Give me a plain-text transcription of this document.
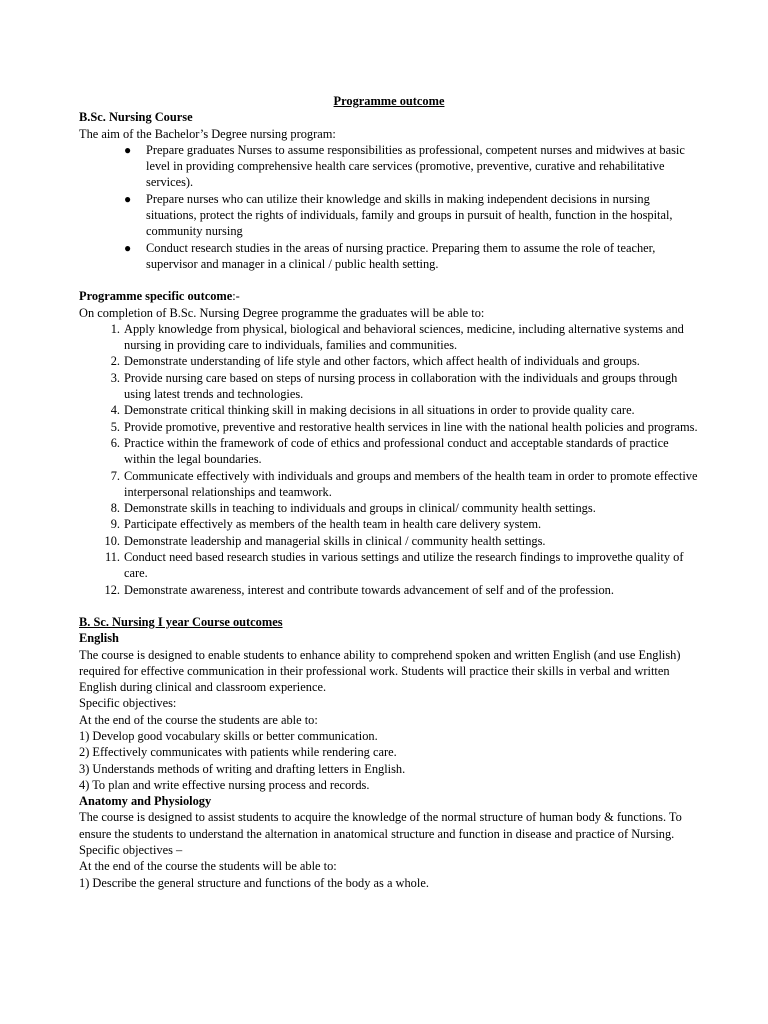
Programme outcome

B.Sc. Nursing Course

The aim of the Bachelor’s Degree nursing program:

● Prepare graduates Nurses to assume responsibilities as professional, competent nurses and midwives at basic level in providing comprehensive health care services (promotive, preventive, curative and rehabilitative services).
● Prepare nurses who can utilize their knowledge and skills in making independent decisions in nursing situations, protect the rights of individuals, family and groups in pursuit of health, function in the hospital, community nursing
● Conduct research studies in the areas of nursing practice. Preparing them to assume the role of teacher, supervisor and manager in a clinical / public health setting.

Programme specific outcome:-

On completion of B.Sc. Nursing Degree programme the graduates will be able to:

1. Apply knowledge from physical, biological and behavioral sciences, medicine, including alternative systems and nursing in providing care to individuals, families and communities.
2. Demonstrate understanding of life style and other factors, which affect health of individuals and groups.
3. Provide nursing care based on steps of nursing process in collaboration with the individuals and groups through using latest trends and technologies.
4. Demonstrate critical thinking skill in making decisions in all situations in order to provide quality care.
5. Provide promotive, preventive and restorative health services in line with the national health policies and programs.
6. Practice within the framework of code of ethics and professional conduct and acceptable standards of practice within the legal boundaries.
7. Communicate effectively with individuals and groups and members of the health team in order to promote effective interpersonal relationships and teamwork.
8. Demonstrate skills in teaching to individuals and groups in clinical/ community health settings.
9. Participate effectively as members of the health team in health care delivery system.
10. Demonstrate leadership and managerial skills in clinical / community health settings.
11. Conduct need based research studies in various settings and utilize the research findings to improvethe quality of care.
12. Demonstrate awareness, interest and contribute towards advancement of self and of the profession.

B. Sc. Nursing I year Course outcomes

English

The course is designed to enable students to enhance ability to comprehend spoken and written English (and use English) required for effective communication in their professional work. Students will practice their skills in verbal and written English during clinical and classroom experience.

Specific objectives:

At the end of the course the students are able to:

1) Develop good vocabulary skills or better communication.

2) Effectively communicates with patients while rendering care.

3) Understands methods of writing and drafting letters in English.

4) To plan and write effective nursing process and records.

Anatomy and Physiology

The course is designed to assist students to acquire the knowledge of the normal structure of human body & functions. To ensure the students to understand the alternation in anatomical structure and function in disease and practice of Nursing.

Specific objectives –

At the end of the course the students will be able to:

1) Describe the general structure and functions of the body as a whole.
